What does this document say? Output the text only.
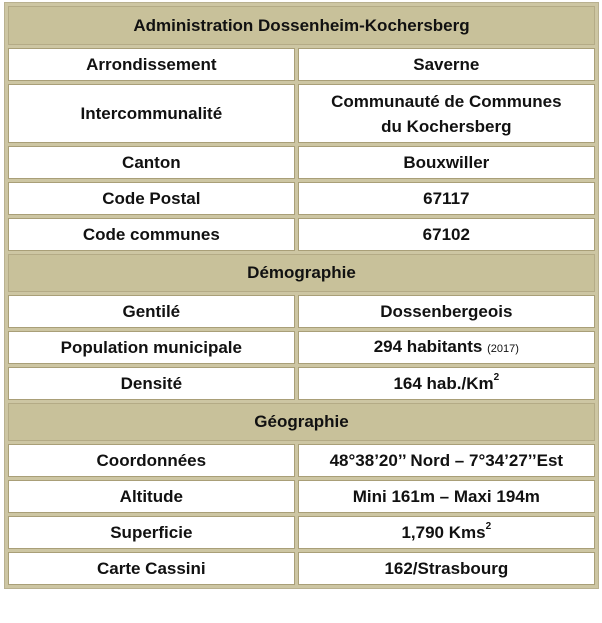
Administration Dossenheim-Kochersberg	
Arrondissement	Saverne
Intercommunalité	Communauté de Communes
du Kochersberg
Canton	Bouxwiller
Code Postal	67117
Code communes	67102
Démographie	
Gentilé	Dossenbergeois
Population municipale	294 habitants (2017)
Densité	164 hab./Km$^2$
Géographie	
Coordonnées	48°38’20’’ Nord – 7°34’27’’Est
Altitude	Mini 161m – Maxi 194m
Superficie	1,790 Kms$^2$
Carte Cassini	162/Strasbourg
